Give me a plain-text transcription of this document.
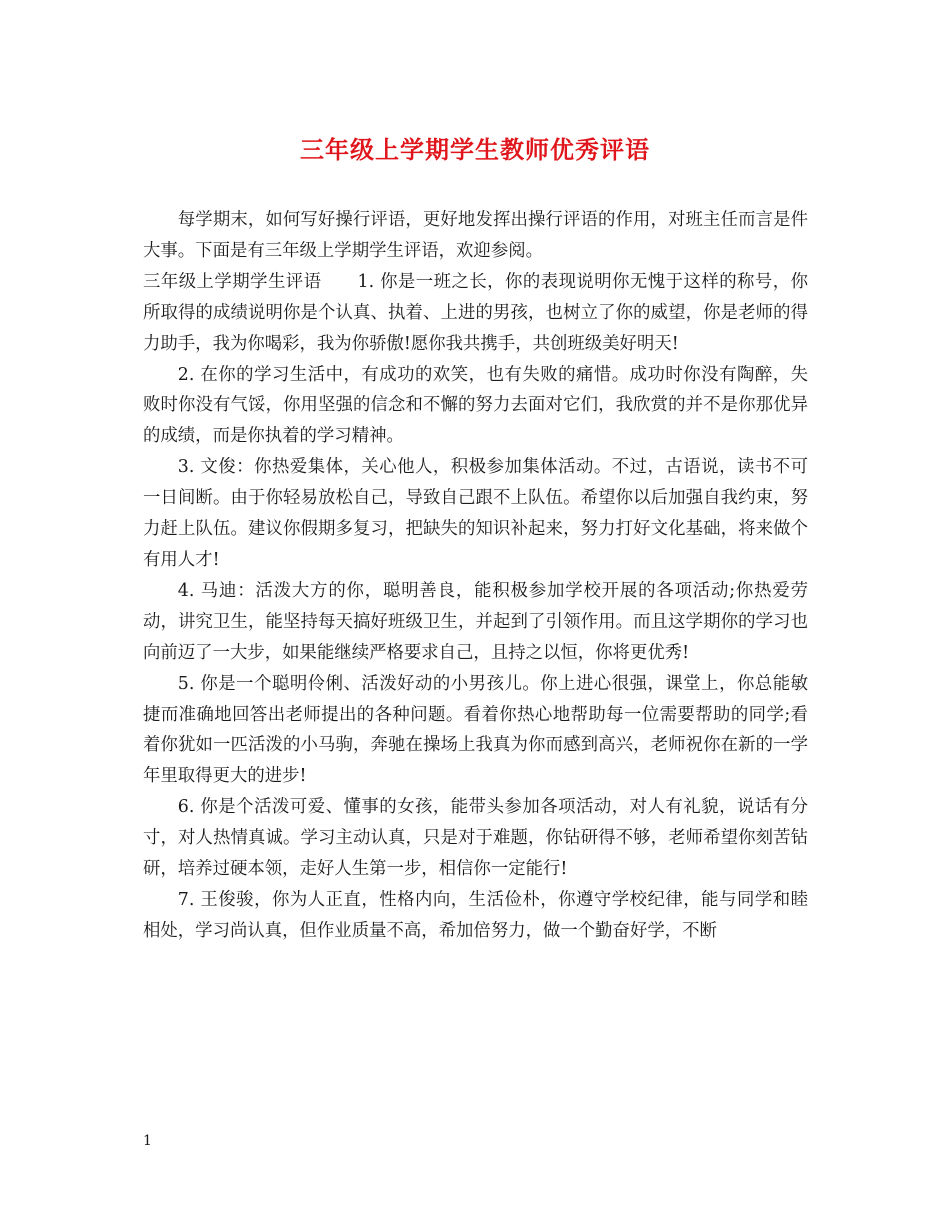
三年级上学期学生教师优秀评语

每学期末，如何写好操行评语，更好地发挥出操行评语的作用，对班主任而言是件大事。下面是有三年级上学期学生评语，欢迎参阅。

三年级上学期学生评语 1. 你是一班之长，你的表现说明你无愧于这样的称号，你所取得的成绩说明你是个认真、执着、上进的男孩，也树立了你的威望，你是老师的得力助手，我为你喝彩，我为你骄傲!愿你我共携手，共创班级美好明天!

2. 在你的学习生活中，有成功的欢笑，也有失败的痛惜。成功时你没有陶醉，失败时你没有气馁，你用坚强的信念和不懈的努力去面对它们，我欣赏的并不是你那优异的成绩，而是你执着的学习精神。

3. 文俊：你热爱集体，关心他人，积极参加集体活动。不过，古语说，读书不可一日间断。由于你轻易放松自己，导致自己跟不上队伍。希望你以后加强自我约束，努力赶上队伍。建议你假期多复习，把缺失的知识补起来，努力打好文化基础，将来做个有用人才!

4. 马迪：活泼大方的你，聪明善良，能积极参加学校开展的各项活动;你热爱劳动，讲究卫生，能坚持每天搞好班级卫生，并起到了引领作用。而且这学期你的学习也向前迈了一大步，如果能继续严格要求自己，且持之以恒，你将更优秀!

5. 你是一个聪明伶俐、活泼好动的小男孩儿。你上进心很强，课堂上，你总能敏捷而准确地回答出老师提出的各种问题。看着你热心地帮助每一位需要帮助的同学;看着你犹如一匹活泼的小马驹，奔驰在操场上我真为你而感到高兴，老师祝你在新的一学年里取得更大的进步!

6. 你是个活泼可爱、懂事的女孩，能带头参加各项活动，对人有礼貌，说话有分寸，对人热情真诚。学习主动认真，只是对于难题，你钻研得不够，老师希望你刻苦钻研，培养过硬本领，走好人生第一步，相信你一定能行!

7. 王俊骏，你为人正直，性格内向，生活俭朴，你遵守学校纪律，能与同学和睦相处，学习尚认真，但作业质量不高，希加倍努力，做一个勤奋好学，不断

1
